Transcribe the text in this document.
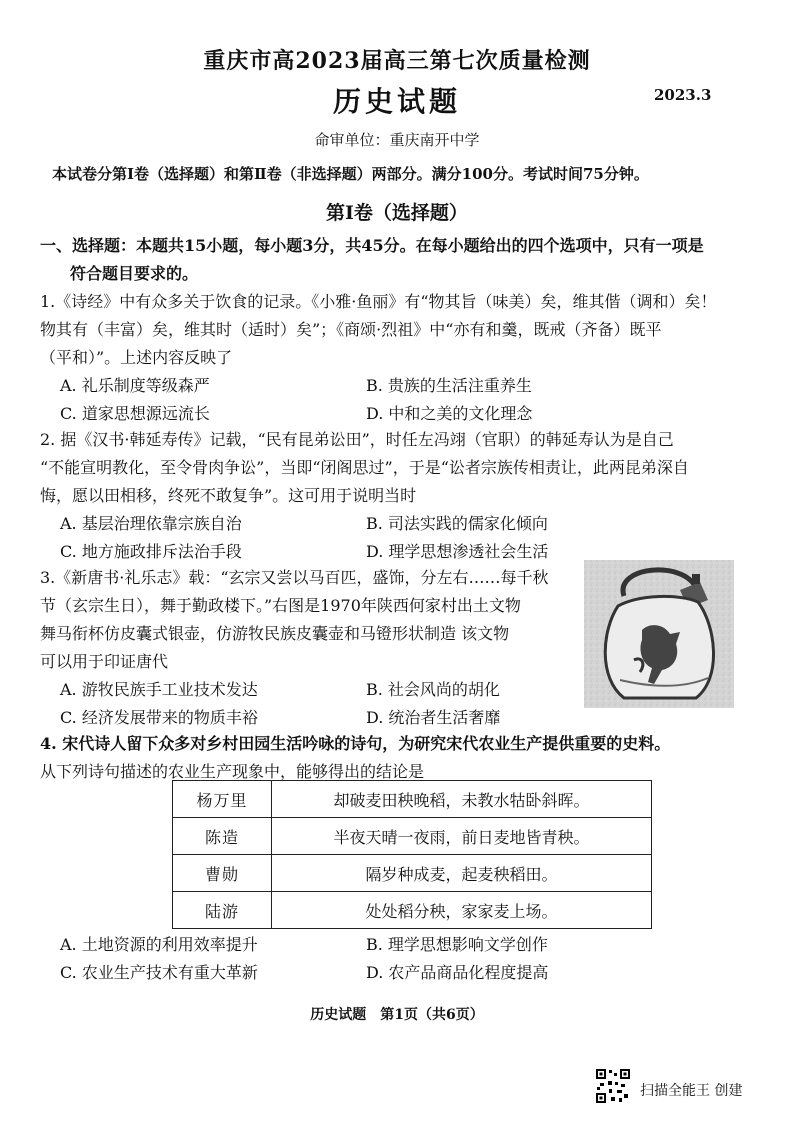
重庆市高2023届高三第七次质量检测
历史试题	2023.3
命审单位：重庆南开中学
本试卷分第Ⅰ卷（选择题）和第Ⅱ卷（非选择题）两部分。满分100分。考试时间75分钟。
第Ⅰ卷（选择题）
一、选择题：本题共15小题，每小题3分，共45分。在每小题给出的四个选项中，只有一项是
符合题目要求的。
1.《诗经》中有众多关于饮食的记录。《小雅·鱼丽》有“物其旨（味美）矣，维其偕（调和）矣！
物其有（丰富）矣，维其时（适时）矣”；《商颂·烈祖》中“亦有和羹，既戒（齐备）既平
（平和）”。上述内容反映了
A. 礼乐制度等级森严	B. 贵族的生活注重养生
C. 道家思想源远流长	D. 中和之美的文化理念
2. 据《汉书·韩延寿传》记载，“民有昆弟讼田”，时任左冯翊（官职）的韩延寿认为是自己
“不能宣明教化，至令骨肉争讼”，当即“闭阁思过”，于是“讼者宗族传相责让，此两昆弟深自
悔，愿以田相移，终死不敢复争”。这可用于说明当时
A. 基层治理依靠宗族自治	B. 司法实践的儒家化倾向
C. 地方施政排斥法治手段	D. 理学思想渗透社会生活
3.《新唐书·礼乐志》载：“玄宗又尝以马百匹，盛饰，分左右……每千秋
节（玄宗生日），舞于勤政楼下。”右图是1970年陕西何家村出土文物
舞马衔杯仿皮囊式银壶，仿游牧民族皮囊壶和马镫形状制造 该文物
可以用于印证唐代
A. 游牧民族手工业技术发达	B. 社会风尚的胡化
C. 经济发展带来的物质丰裕	D. 统治者生活奢靡
4. 宋代诗人留下众多对乡村田园生活吟咏的诗句，为研究宋代农业生产提供重要的史料。
从下列诗句描述的农业生产现象中，能够得出的结论是
杨万里	却破麦田秧晚稻，未教水牯卧斜晖。
陈造	半夜天晴一夜雨，前日麦地皆青秧。
曹勋	隔岁种成麦，起麦秧稻田。
陆游	处处稻分秧，家家麦上场。
A. 土地资源的利用效率提升	B. 理学思想影响文学创作
C. 农业生产技术有重大革新	D. 农产品商品化程度提高
历史试题　第1页（共6页）
扫描全能王 创建
